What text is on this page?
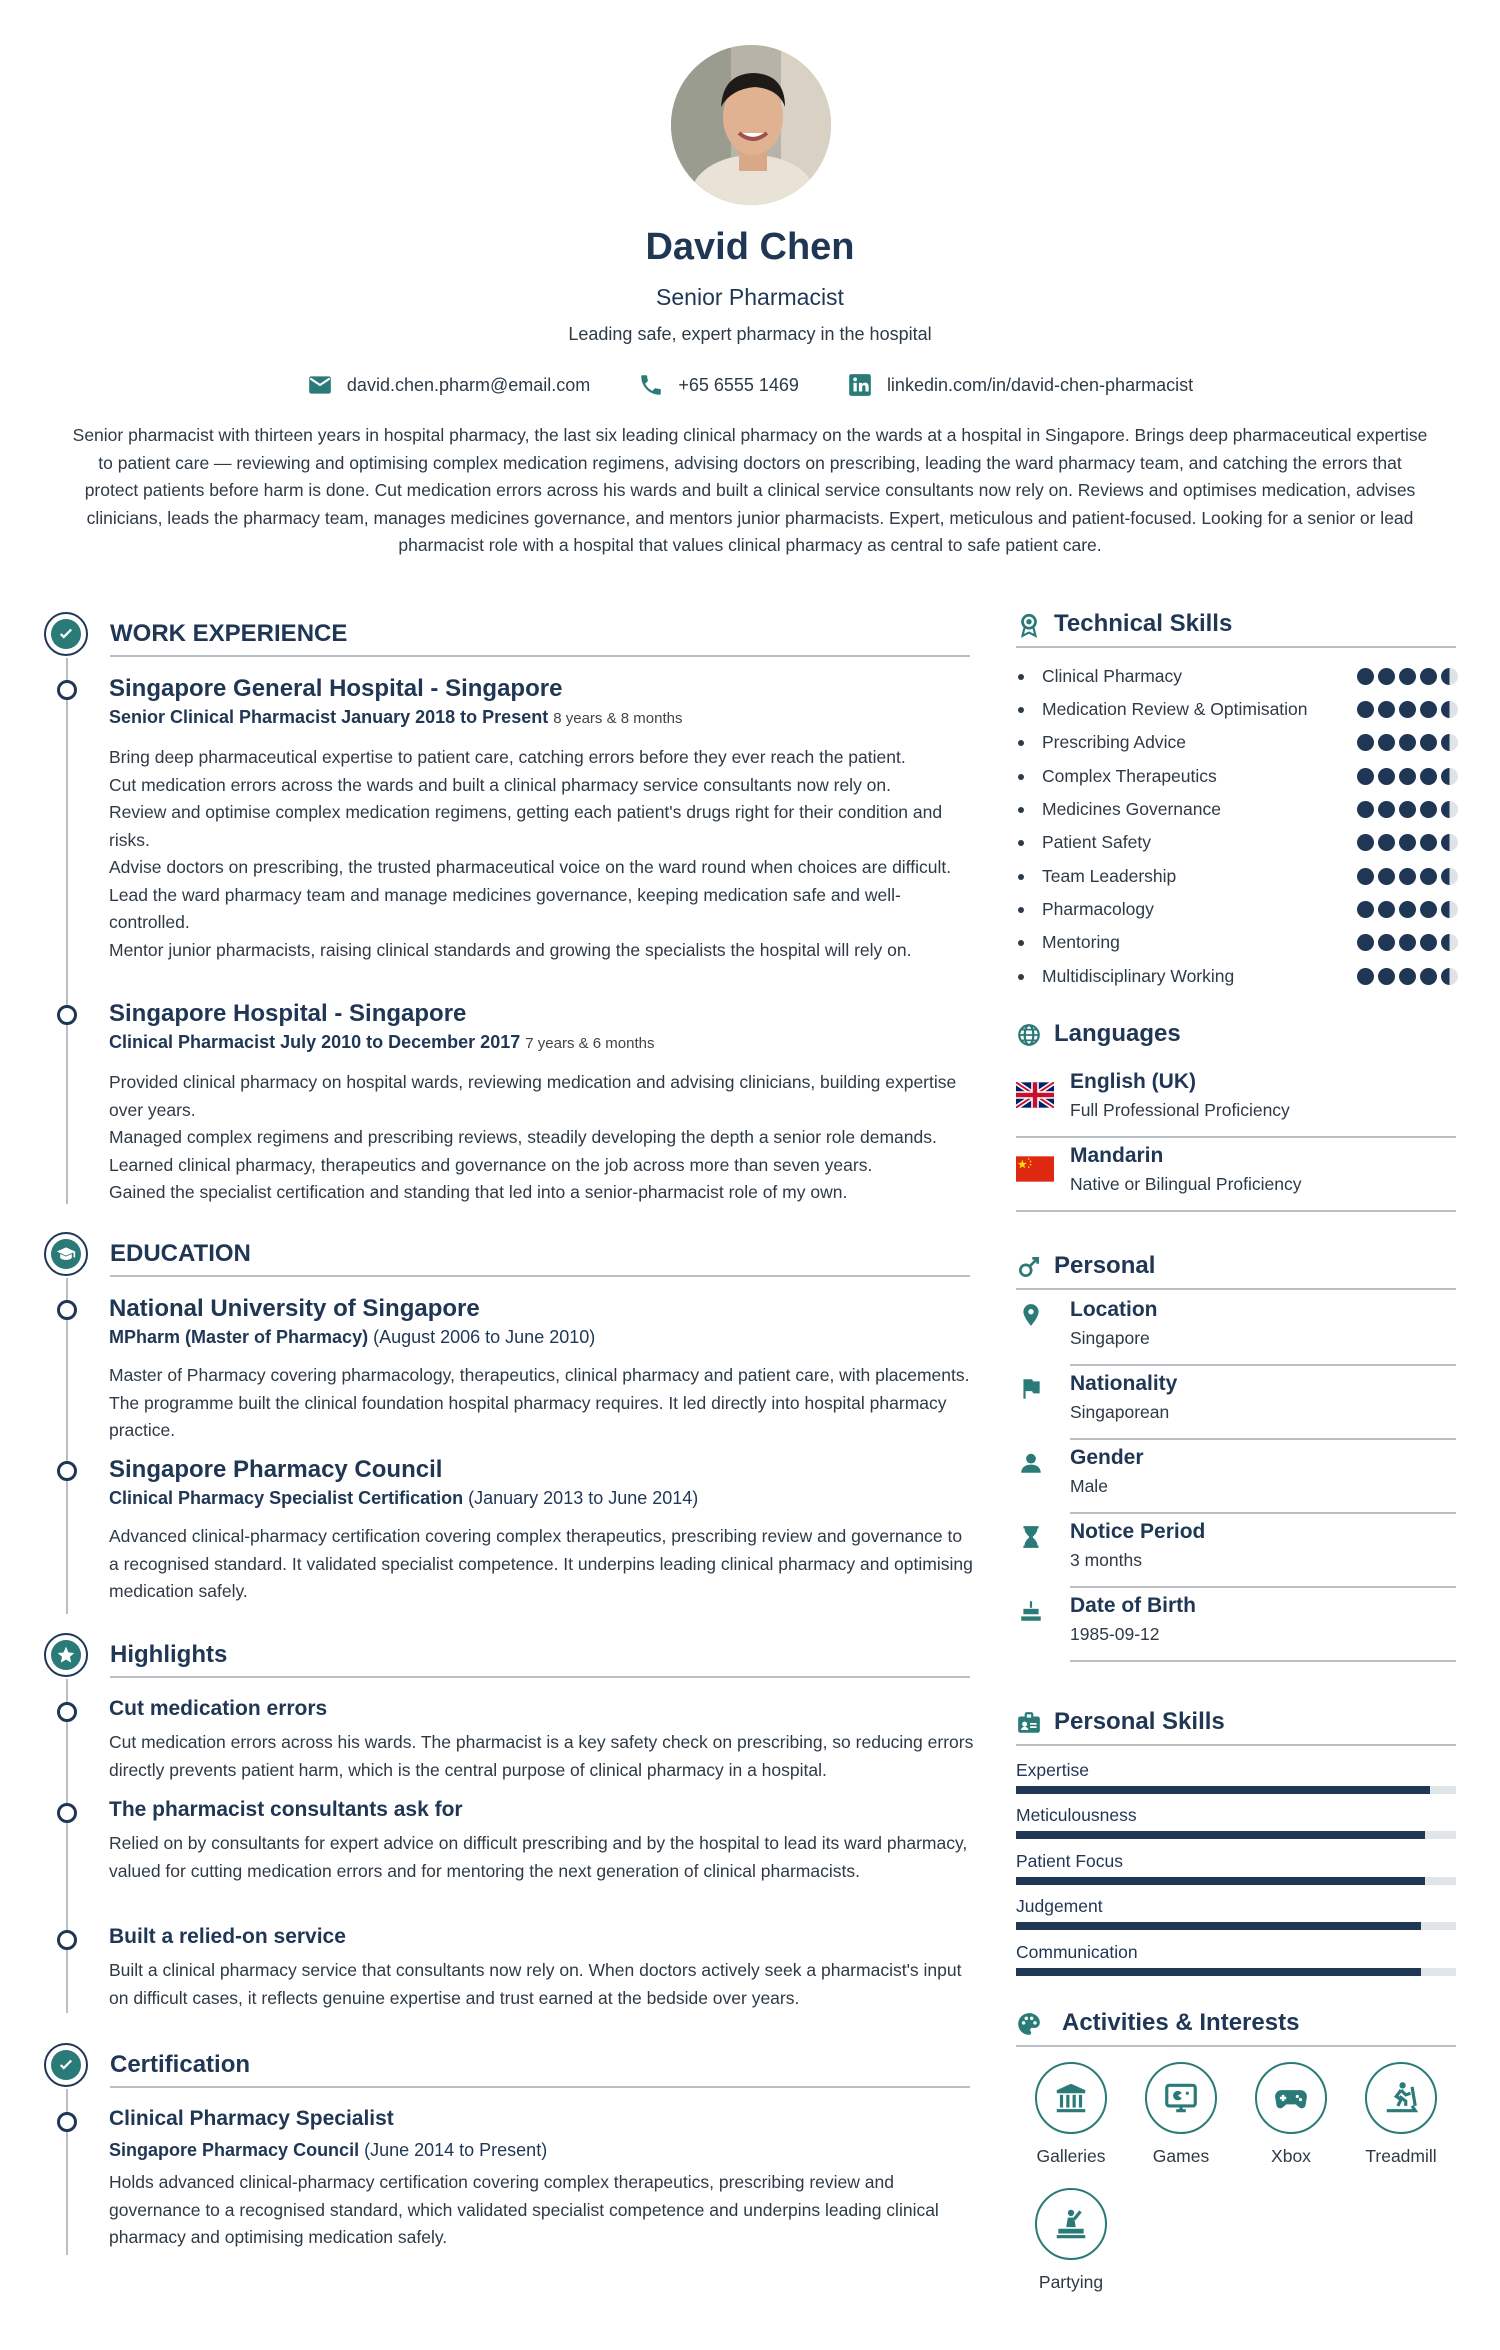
David Chen
Senior Pharmacist
Leading safe, expert pharmacy in the hospital
david.chen.pharm@email.com	+65 6555 1469	linkedin.com/in/david-chen-pharmacist
Senior pharmacist with thirteen years in hospital pharmacy, the last six leading clinical pharmacy on the wards at a hospital in Singapore. Brings deep pharmaceutical expertise to patient care — reviewing and optimising complex medication regimens, advising doctors on prescribing, leading the ward pharmacy team, and catching the errors that protect patients before harm is done. Cut medication errors across his wards and built a clinical service consultants now rely on. Reviews and optimises medication, advises clinicians, leads the pharmacy team, manages medicines governance, and mentors junior pharmacists. Expert, meticulous and patient-focused. Looking for a senior or lead pharmacist role with a hospital that values clinical pharmacy as central to safe patient care.
WORK EXPERIENCE
Singapore General Hospital - Singapore
Senior Clinical Pharmacist January 2018 to Present 8 years & 8 months

Bring deep pharmaceutical expertise to patient care, catching errors before they ever reach the patient.

Cut medication errors across the wards and built a clinical pharmacy service consultants now rely on.

Review and optimise complex medication regimens, getting each patient's drugs right for their condition and risks.

Advise doctors on prescribing, the trusted pharmaceutical voice on the ward round when choices are difficult.

Lead the ward pharmacy team and manage medicines governance, keeping medication safe and well-controlled.

Mentor junior pharmacists, raising clinical standards and growing the specialists the hospital will rely on.

Singapore Hospital - Singapore
Clinical Pharmacist July 2010 to December 2017 7 years & 6 months

Provided clinical pharmacy on hospital wards, reviewing medication and advising clinicians, building expertise over years.

Managed complex regimens and prescribing reviews, steadily developing the depth a senior role demands.

Learned clinical pharmacy, therapeutics and governance on the job across more than seven years.

Gained the specialist certification and standing that led into a senior-pharmacist role of my own.

EDUCATION
National University of Singapore
MPharm (Master of Pharmacy) (August 2006 to June 2010)
Master of Pharmacy covering pharmacology, therapeutics, clinical pharmacy and patient care, with placements. The programme built the clinical foundation hospital pharmacy requires. It led directly into hospital pharmacy practice.
Singapore Pharmacy Council
Clinical Pharmacy Specialist Certification (January 2013 to June 2014)
Advanced clinical-pharmacy certification covering complex therapeutics, prescribing review and governance to a recognised standard. It validated specialist competence. It underpins leading clinical pharmacy and optimising medication safely.
Highlights
Cut medication errors
Cut medication errors across his wards. The pharmacist is a key safety check on prescribing, so reducing errors directly prevents patient harm, which is the central purpose of clinical pharmacy in a hospital.
The pharmacist consultants ask for
Relied on by consultants for expert advice on difficult prescribing and by the hospital to lead its ward pharmacy, valued for cutting medication errors and for mentoring the next generation of clinical pharmacists.
Built a relied-on service
Built a clinical pharmacy service that consultants now rely on. When doctors actively seek a pharmacist's input on difficult cases, it reflects genuine expertise and trust earned at the bedside over years.
Certification
Clinical Pharmacy Specialist
Singapore Pharmacy Council (June 2014 to Present)
Holds advanced clinical-pharmacy certification covering complex therapeutics, prescribing review and governance to a recognised standard, which validated specialist competence and underpins leading clinical pharmacy and optimising medication safely.
Technical Skills
Clinical Pharmacy
Medication Review & Optimisation
Prescribing Advice
Complex Therapeutics
Medicines Governance
Patient Safety
Team Leadership
Pharmacology
Mentoring
Multidisciplinary Working
Languages
English (UK)
Full Professional Proficiency
Mandarin
Native or Bilingual Proficiency
Personal
Location
Singapore
Nationality
Singaporean
Gender
Male
Notice Period
3 months
Date of Birth
1985-09-12
Personal Skills
Expertise
Meticulousness
Patient Focus
Judgement
Communication
Activities & Interests
Galleries	Games	Xbox	Treadmill
Partying
